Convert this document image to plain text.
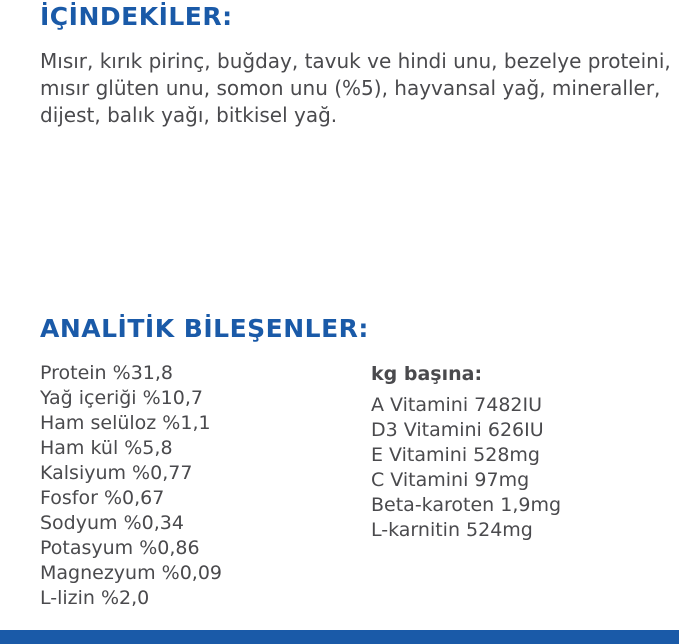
İÇİNDEKİLER:

Mısır, kırık pirinç, buğday, tavuk ve hindi unu, bezelye proteini, mısır glüten unu, somon unu (%5), hayvansal yağ, mineraller, dijest, balık yağı, bitkisel yağ.

ANALİTİK BİLEŞENLER:
Protein %31,8
Yağ içeriği %10,7
Ham selüloz %1,1
Ham kül %5,8
Kalsiyum %0,77
Fosfor %0,67
Sodyum %0,34
Potasyum %0,86
Magnezyum %0,09
L-lizin %2,0
kg başına:
A Vitamini 7482IU
D3 Vitamini 626IU
E Vitamini 528mg
C Vitamini 97mg
Beta-karoten 1,9mg
L-karnitin 524mg
